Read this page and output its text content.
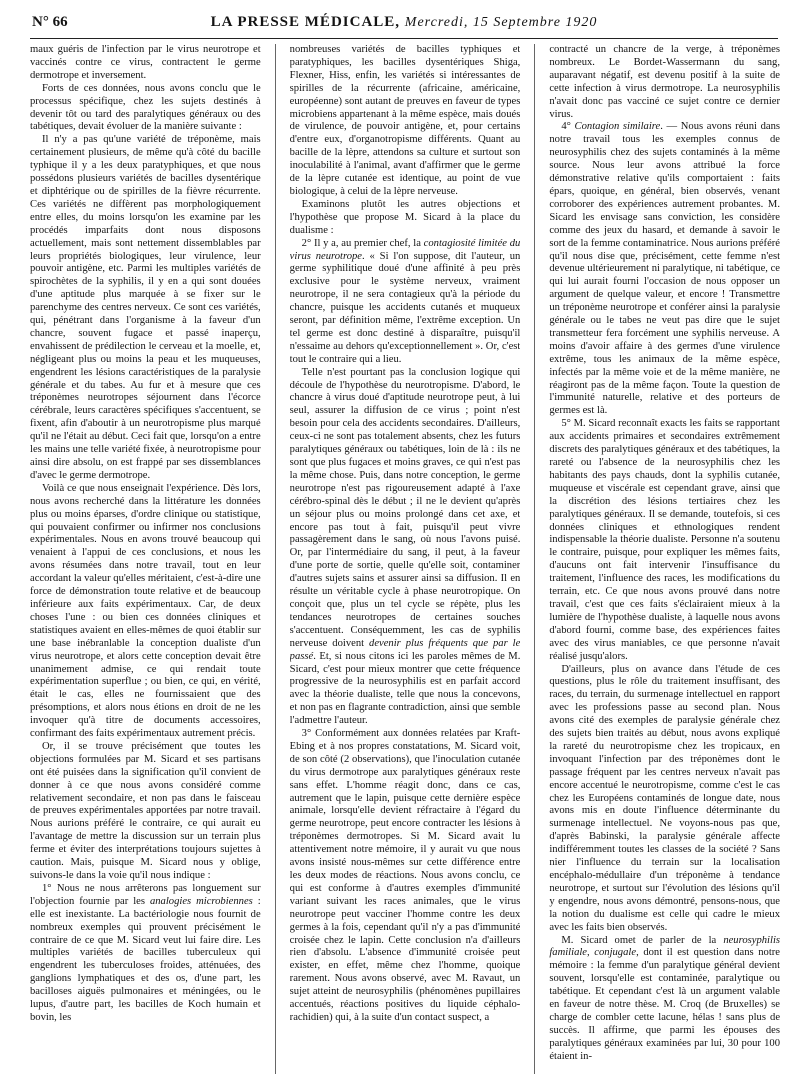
N° 66	LA PRESSE MÉDICALE, Mercredi, 15 Septembre 1920

maux guéris de l'infection par le virus neurotrope et vaccinés contre ce virus, contractent le germe dermotrope et inversement.

Forts de ces données, nous avons conclu que le processus spécifique, chez les sujets destinés à devenir tôt ou tard des paralytiques généraux ou des tabétiques, devait évoluer de la manière suivante :

Il n'y a pas qu'une variété de tréponème, mais certainement plusieurs, de même qu'à côté du bacille typhique il y a les deux paratyphiques, et que nous possédons plusieurs variétés de bacilles dysentérique et diphtérique ou de spirilles de la fièvre récurrente. Ces variétés ne diffèrent pas morphologiquement entre elles, du moins lorsqu'on les examine par les procédés imparfaits dont nous disposons actuellement, mais sont nettement dissemblables par leurs propriétés biologiques, leur virulence, leur pouvoir antigène, etc. Parmi les multiples variétés de spirochètes de la syphilis, il y en a qui sont douées d'une aptitude plus marquée à se fixer sur le parenchyme des centres nerveux. Ce sont ces variétés, qui, pénétrant dans l'organisme à la faveur d'un chancre, souvent fugace et passé inaperçu, envahissent de prédilection le cerveau et la moelle, et, négligeant plus ou moins la peau et les muqueuses, engendrent les lésions caractéristiques de la paralysie générale et du tabes. Au fur et à mesure que ces tréponèmes neurotropes séjournent dans l'écorce cérébrale, leurs caractères spécifiques s'accentuent, se fixent, afin d'aboutir à un neurotropisme plus marqué qu'il ne l'était au début. Ceci fait que, lorsqu'on a entre les mains une telle variété fixée, à neurotropisme pour ainsi dire absolu, on est frappé par ses dissemblances d'avec le germe dermotrope.

Voilà ce que nous enseignait l'expérience. Dès lors, nous avons recherché dans la littérature les données plus ou moins éparses, d'ordre clinique ou statistique, qui pouvaient confirmer ou infirmer nos conclusions expérimentales. Nous en avons trouvé beaucoup qui venaient à l'appui de ces conclusions, et nous les avons résumées dans notre travail, tout en leur accordant la valeur qu'elles méritaient, c'est-à-dire une force de démonstration toute relative et de beaucoup inférieure aux faits expérimentaux. Car, de deux choses l'une : ou bien ces données cliniques et statistiques avaient en elles-mêmes de quoi établir sur une base inébranlable la conception dualiste d'un virus neurotrope, et alors cette conception devait être unanimement admise, ce qui rendait toute expérimentation superflue ; ou bien, ce qui, en vérité, était le cas, elles ne fournissaient que des présomptions, et alors nous étions en droit de ne les invoquer qu'à titre de documents accessoires, confirmant des faits expérimentaux autrement précis.

Or, il se trouve précisément que toutes les objections formulées par M. Sicard et ses partisans ont été puisées dans la signification qu'il convient de donner à ce que nous avons considéré comme relativement secondaire, et non pas dans le faisceau de preuves expérimentales apportées par notre travail. Nous aurions préféré le contraire, ce qui aurait eu l'avantage de mettre la discussion sur un terrain plus ferme et éviter des interprétations toujours sujettes à caution. Mais, puisque M. Sicard nous y oblige, suivons-le dans la voie qu'il nous indique :

1° Nous ne nous arrêterons pas longuement sur l'objection fournie par les analogies microbiennes : elle est inexistante. La bactériologie nous fournit de nombreux exemples qui prouvent précisément le contraire de ce que M. Sicard veut lui faire dire. Les multiples variétés de bacilles tuberculeux qui engendrent les tuberculoses froides, atténuées, des ganglions lymphatiques et des os, d'une part, les bacilloses aiguës pulmonaires et méningées, ou le lupus, d'autre part, les bacilles de Koch humain et bovin, les

nombreuses variétés de bacilles typhiques et paratyphiques, les bacilles dysentériques Shiga, Flexner, Hiss, enfin, les variétés si intéressantes de spirilles de la récurrente (africaine, américaine, européenne) sont autant de preuves en faveur de types microbiens appartenant à la même espèce, mais doués de virulence, de pouvoir antigène, et, pour certains d'entre eux, d'organotropisme différents. Quant au bacille de la lèpre, attendons sa culture et surtout son inoculabilité à l'animal, avant d'affirmer que le germe de la lèpre cutanée est identique, au point de vue biologique, à celui de la lèpre nerveuse.

Examinons plutôt les autres objections et l'hypothèse que propose M. Sicard à la place du dualisme :

2° Il y a, au premier chef, la contagiosité limitée du virus neurotrope. « Si l'on suppose, dit l'auteur, un germe syphilitique doué d'une affinité à peu près exclusive pour le système nerveux, vraiment neurotrope, il ne sera contagieux qu'à la période du chancre, puisque les accidents cutanés et muqueux seront, par définition même, l'extrême exception. Un tel germe est donc destiné à disparaître, puisqu'il n'essaime au dehors qu'exceptionnellement ». Or, c'est tout le contraire qui a lieu.

Telle n'est pourtant pas la conclusion logique qui découle de l'hypothèse du neurotropisme. D'abord, le chancre à virus doué d'aptitude neurotrope peut, à lui seul, assurer la diffusion de ce virus ; point n'est besoin pour cela des accidents secondaires. D'ailleurs, ceux-ci ne sont pas totalement absents, chez les futurs paralytiques généraux ou tabétiques, loin de là : ils ne sont que plus fugaces et moins graves, ce qui n'est pas la même chose. Puis, dans notre conception, le germe neurotrope n'est pas rigoureusement adapté à l'axe cérébro-spinal dès le début ; il ne le devient qu'après un séjour plus ou moins prolongé dans cet axe, et encore pas tout à fait, puisqu'il peut vivre passagèrement dans le sang, où nous l'avons puisé. Or, par l'intermédiaire du sang, il peut, à la faveur d'une porte de sortie, quelle qu'elle soit, contaminer d'autres sujets sains et assurer ainsi sa diffusion. Il en résulte un véritable cycle à phase neurotropique. On conçoit que, plus un tel cycle se répète, plus les tendances neurotropes de certaines souches s'accentuent. Conséquemment, les cas de syphilis nerveuse doivent devenir plus fréquents que par le passé. Et, si nous citons ici les paroles mêmes de M. Sicard, c'est pour mieux montrer que cette fréquence progressive de la neurosyphilis est en parfait accord avec la théorie dualiste, telle que nous la concevons, et non pas en flagrante contradiction, ainsi que semble l'admettre l'auteur.

3° Conformément aux données relatées par Kraft-Ebing et à nos propres constatations, M. Sicard voit, de son côté (2 observations), que l'inoculation cutanée du virus dermotrope aux paralytiques généraux reste sans effet. L'homme réagit donc, dans ce cas, autrement que le lapin, puisque cette dernière espèce animale, lorsqu'elle devient réfractaire à l'égard du germe neurotrope, peut encore contracter les lésions à tréponèmes dermotropes. Si M. Sicard avait lu attentivement notre mémoire, il y aurait vu que nous avons insisté nous-mêmes sur cette différence entre les deux modes de réactions. Nous avons conclu, ce qui est conforme à d'autres exemples d'immunité variant suivant les races animales, que le virus neurotrope peut vacciner l'homme contre les deux germes à la fois, cependant qu'il n'y a pas d'immunité croisée chez le lapin. Cette conclusion n'a d'ailleurs rien d'absolu. L'absence d'immunité croisée peut exister, en effet, même chez l'homme, quoique rarement. Nous avons observé, avec M. Ravaut, un sujet atteint de neurosyphilis (phénomènes pupillaires accentués, réactions positives du liquide céphalo-rachidien) qui, à la suite d'un contact suspect, a

contracté un chancre de la verge, à tréponèmes nombreux. Le Bordet-Wassermann du sang, auparavant négatif, est devenu positif à la suite de cette infection à virus dermotrope. La neurosyphilis n'avait donc pas vacciné ce sujet contre ce dernier virus.

4° Contagion similaire. — Nous avons réuni dans notre travail tous les exemples connus de neurosyphilis chez des sujets contaminés à la même source. Nous leur avons attribué la force démonstrative relative qu'ils comportaient : faits épars, quoique, en général, bien observés, venant corroborer des expériences autrement probantes. M. Sicard les envisage sans conviction, les considère comme des jeux du hasard, et demande à savoir le sort de la femme contaminatrice. Nous aurions préféré qu'il nous dise que, précisément, cette femme n'est devenue ultérieurement ni paralytique, ni tabétique, ce qui lui aurait fourni l'occasion de nous opposer un argument de quelque valeur, et encore ! Transmettre un tréponème neurotrope et conférer ainsi la paralysie générale ou le tabes ne veut pas dire que le sujet transmetteur fera forcément une syphilis nerveuse. A moins d'avoir affaire à des germes d'une virulence extrême, tous les animaux de la même espèce, infectés par la même voie et de la même manière, ne réagiront pas de la même façon. Toute la question de l'immunité naturelle, relative et des porteurs de germes est là.

5° M. Sicard reconnaît exacts les faits se rapportant aux accidents primaires et secondaires extrêmement discrets des paralytiques généraux et des tabétiques, la rareté ou l'absence de la neurosyphilis chez les habitants des pays chauds, dont la syphilis cutanée, muqueuse et viscérale est cependant grave, ainsi que la discrétion des lésions tertiaires chez les paralytiques généraux. Il se demande, toutefois, si ces données cliniques et ethnologiques rendent indispensable la théorie dualiste. Personne n'a soutenu le contraire, puisque, pour expliquer les mêmes faits, d'aucuns ont fait intervenir l'insuffisance du traitement, l'influence des races, les modifications du terrain, etc. Ce que nous avons prouvé dans notre travail, c'est que ces faits s'éclairaient mieux à la lumière de l'hypothèse dualiste, à laquelle nous avons d'abord fourni, comme base, des expériences faites avec des virus maniables, ce que personne n'avait réalisé jusqu'alors.

D'ailleurs, plus on avance dans l'étude de ces questions, plus le rôle du traitement insuffisant, des races, du terrain, du surmenage intellectuel en rapport avec les professions passe au second plan. Nous avons cité des exemples de paralysie générale chez des sujets bien traités au début, nous avons expliqué la rareté du neurotropisme chez les tropicaux, en invoquant l'infection par des tréponèmes dont le passage fréquent par les centres nerveux n'avait pas encore accentué le neurotropisme, comme c'est le cas chez les Européens contaminés de longue date, nous avons mis en doute l'influence déterminante du surmenage intellectuel. Ne voyons-nous pas que, d'après Babinski, la paralysie générale affecte indifféremment toutes les classes de la société ? Sans nier l'influence du terrain sur la localisation encéphalo-médullaire d'un tréponème à tendance neurotrope, et surtout sur l'évolution des lésions qu'il y engendre, nous avons démontré, pensons-nous, que la notion du dualisme est celle qui cadre le mieux avec les faits bien observés.

M. Sicard omet de parler de la neurosyphilis familiale, conjugale, dont il est question dans notre mémoire : la femme d'un paralytique général devient souvent, lorsqu'elle est contaminée, paralytique ou tabétique. Et cependant c'est là un argument valable en faveur de notre thèse. M. Croq (de Bruxelles) se charge de combler cette lacune, hélas ! sans plus de succès. Il affirme, que parmi les épouses des paralytiques généraux examinées par lui, 30 pour 100 étaient in-
